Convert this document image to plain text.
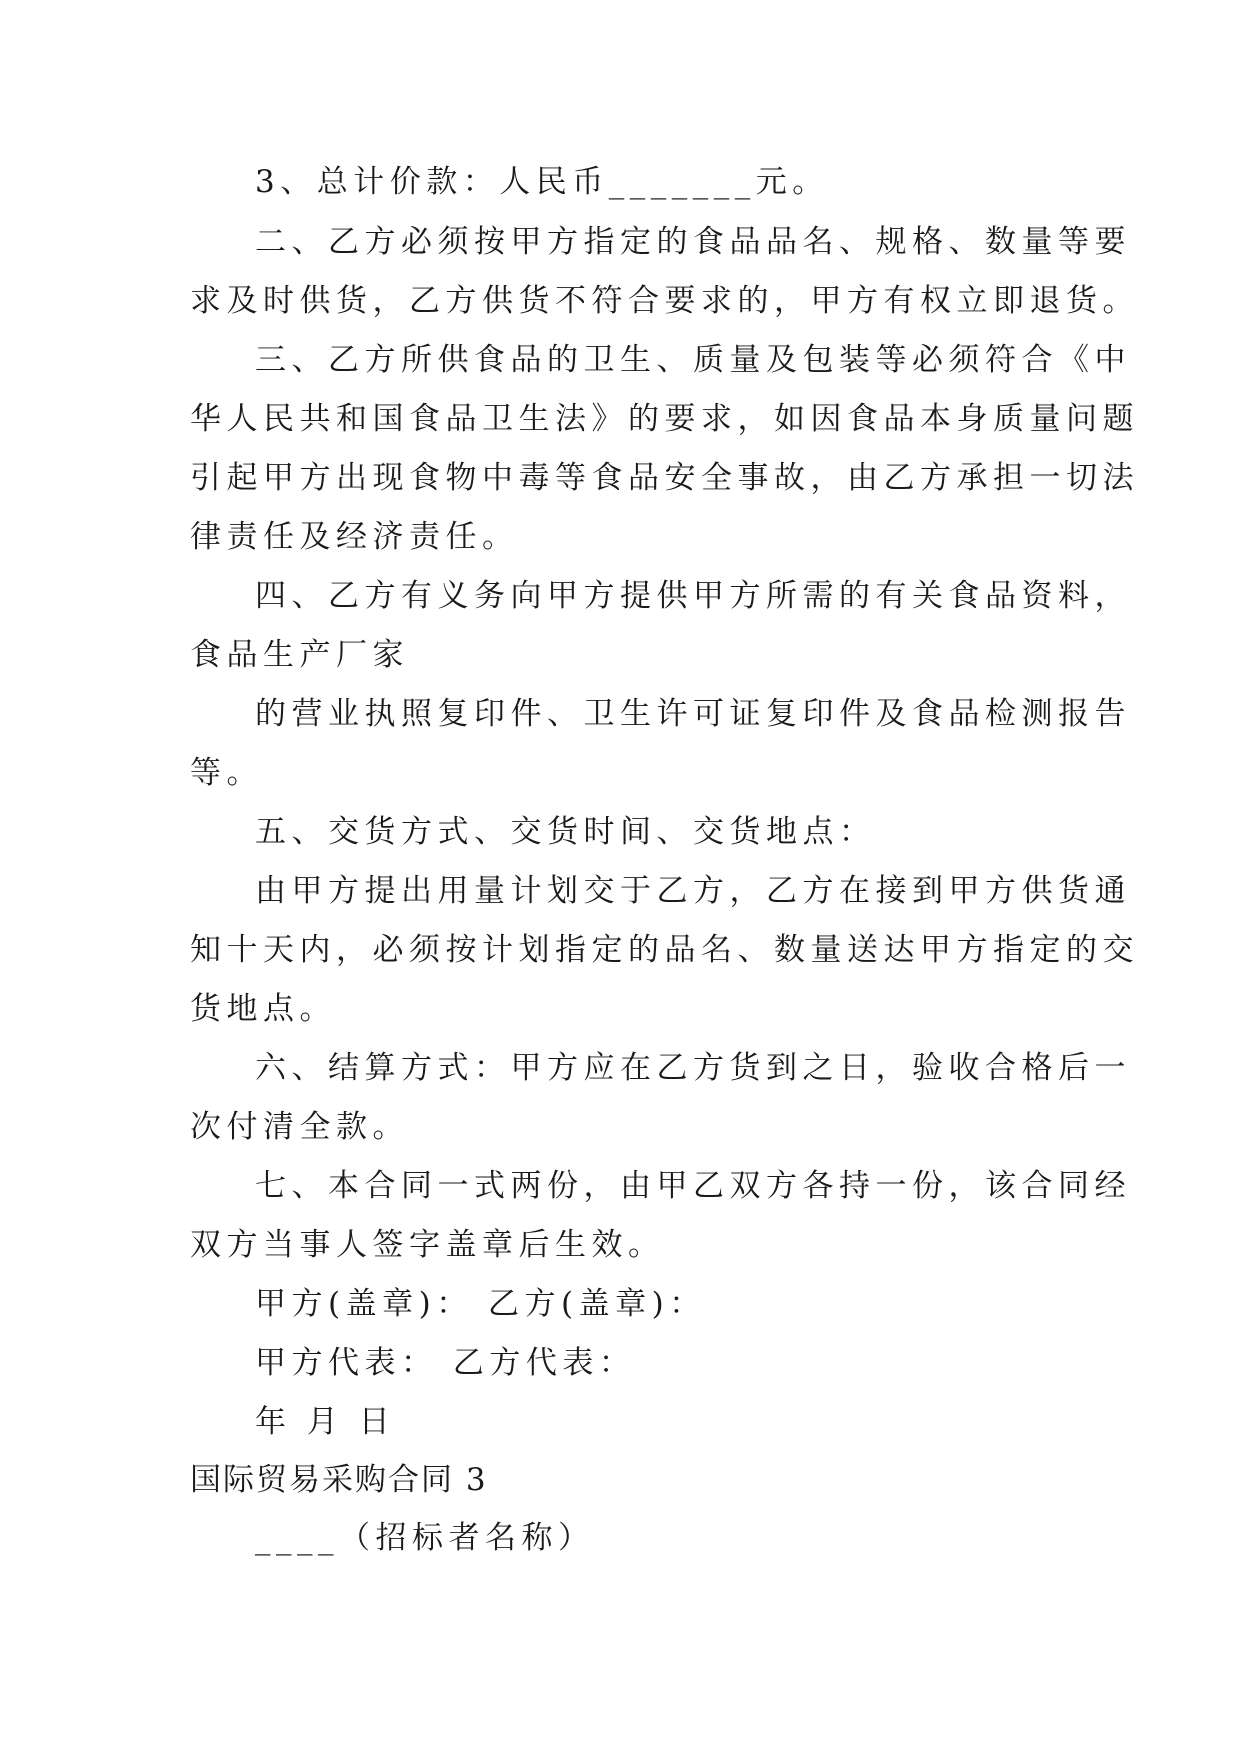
3、总计价款：人民币_______元。

二、乙方必须按甲方指定的食品品名、规格、数量等要

求及时供货，乙方供货不符合要求的，甲方有权立即退货。

三、乙方所供食品的卫生、质量及包装等必须符合《中

华人民共和国食品卫生法》的要求，如因食品本身质量问题

引起甲方出现食物中毒等食品安全事故，由乙方承担一切法

律责任及经济责任。

四、乙方有义务向甲方提供甲方所需的有关食品资料，

食品生产厂家

的营业执照复印件、卫生许可证复印件及食品检测报告

等。

五、交货方式、交货时间、交货地点：

由甲方提出用量计划交于乙方，乙方在接到甲方供货通

知十天内，必须按计划指定的品名、数量送达甲方指定的交

货地点。

六、结算方式：甲方应在乙方货到之日，验收合格后一

次付清全款。

七、本合同一式两份，由甲乙双方各持一份，该合同经

双方当事人签字盖章后生效。

甲方(盖章)： 乙方(盖章)：

甲方代表： 乙方代表：

年 月 日

国际贸易采购合同 3

____（招标者名称）
